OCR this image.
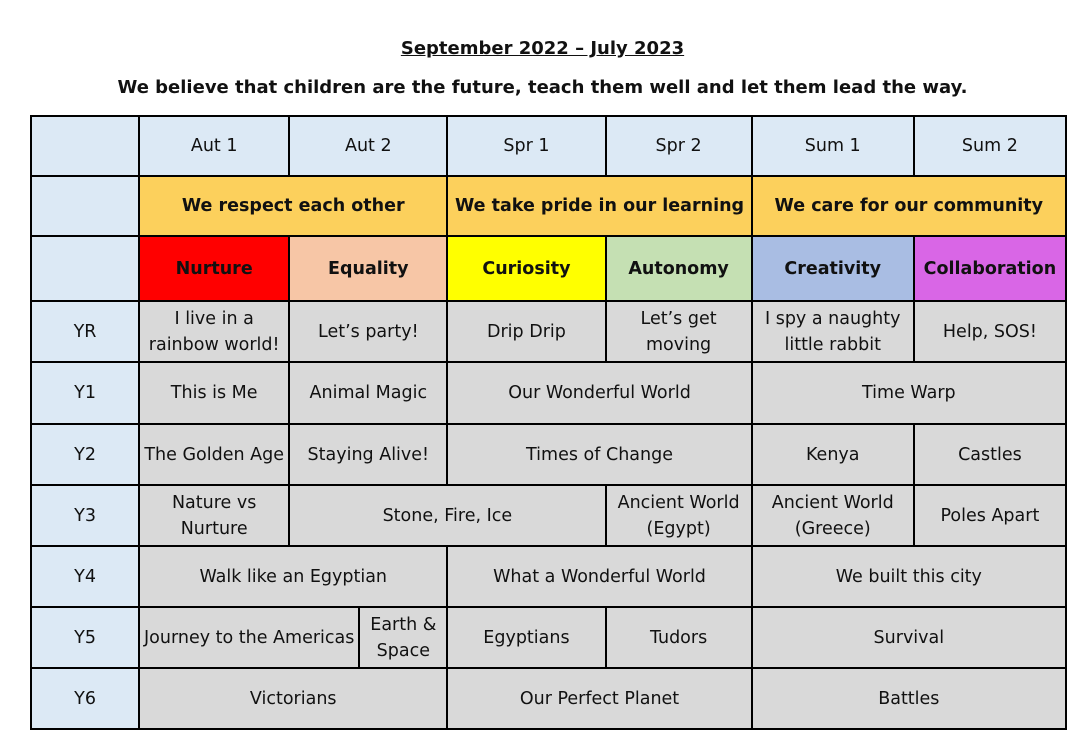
September 2022 – July 2023
We believe that children are the future, teach them well and let them lead the way.
	Aut 1	Aut 2		Spr 1	Spr 2	Sum 1	Sum 2
	We respect each other			We take pride in our learning		We care for our community	
	Nurture	Equality		Curiosity	Autonomy	Creativity	Collaboration
YR	I live in a rainbow world!	Let’s party!		Drip Drip	Let’s get moving	I spy a naughty little rabbit	Help, SOS!
Y1	This is Me	Animal Magic		Our Wonderful World		Time Warp	
Y2	The Golden Age	Staying Alive!		Times of Change		Kenya	Castles
Y3	Nature vs Nurture	Stone, Fire, Ice			Ancient World (Egypt)	Ancient World (Greece)	Poles Apart
Y4	Walk like an Egyptian			What a Wonderful World		We built this city	
Y5	Journey to the Americas		Earth & Space	Egyptians	Tudors	Survival	
Y6	Victorians			Our Perfect Planet		Battles	
